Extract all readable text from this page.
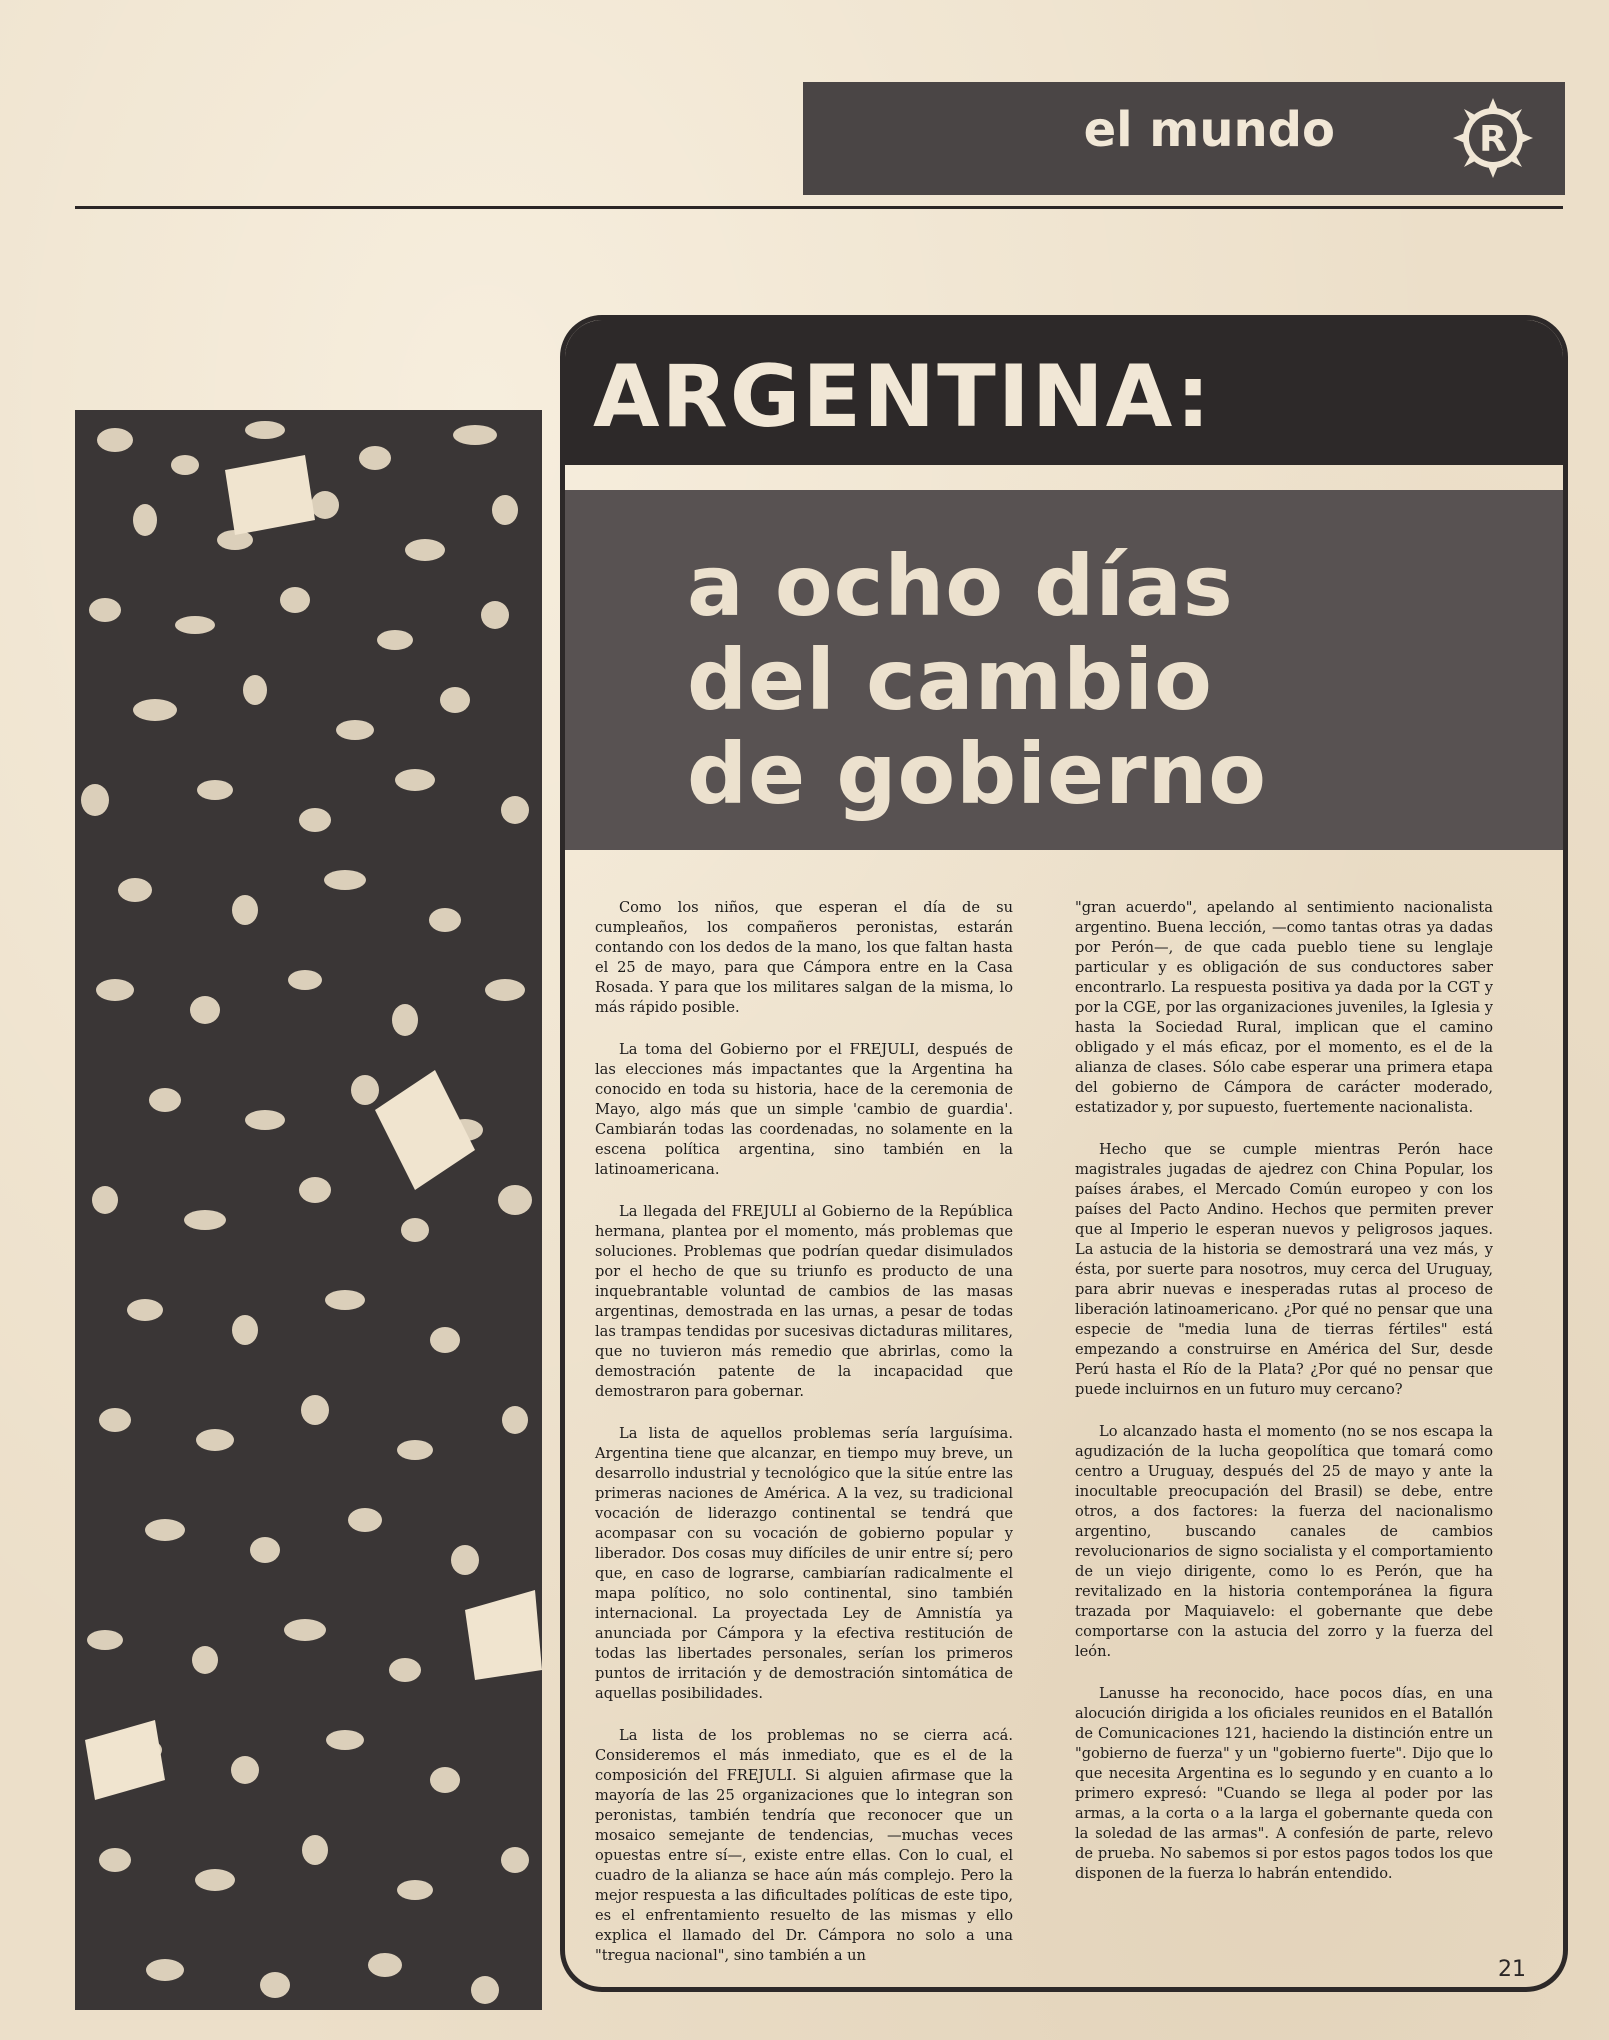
el mundo	R
ARGENTINA:
a ocho días
del cambio
de gobierno

Como los niños, que esperan el día de su cumpleaños, los compañeros peronistas, estarán contando con los dedos de la mano, los que faltan hasta el 25 de mayo, para que Cámpora entre en la Casa Rosada. Y para que los militares salgan de la misma, lo más rápido posible.

La toma del Gobierno por el FREJULI, después de las elecciones más impactantes que la Argentina ha conocido en toda su historia, hace de la ceremonia de Mayo, algo más que un simple 'cambio de guardia'. Cambiarán todas las coordenadas, no solamente en la escena política argentina, sino también en la latinoamericana.

La llegada del FREJULI al Gobierno de la República hermana, plantea por el momento, más problemas que soluciones. Problemas que podrían quedar disimulados por el hecho de que su triunfo es producto de una inquebrantable voluntad de cambios de las masas argentinas, demostrada en las urnas, a pesar de todas las trampas tendidas por sucesivas dictaduras militares, que no tuvieron más remedio que abrirlas, como la demostración patente de la incapacidad que demostraron para gobernar.

La lista de aquellos problemas sería larguísima. Argentina tiene que alcanzar, en tiempo muy breve, un desarrollo industrial y tecnológico que la sitúe entre las primeras naciones de América. A la vez, su tradicional vocación de liderazgo continental se tendrá que acompasar con su vocación de gobierno popular y liberador. Dos cosas muy difíciles de unir entre sí; pero que, en caso de lograrse, cambiarían radicalmente el mapa político, no solo continental, sino también internacional. La proyectada Ley de Amnistía ya anunciada por Cámpora y la efectiva restitución de todas las libertades personales, serían los primeros puntos de irritación y de demostración sintomática de aquellas posibilidades.

La lista de los problemas no se cierra acá. Consideremos el más inmediato, que es el de la composición del FREJULI. Si alguien afirmase que la mayoría de las 25 organizaciones que lo integran son peronistas, también tendría que reconocer que un mosaico semejante de tendencias, —muchas veces opuestas entre sí—, existe entre ellas. Con lo cual, el cuadro de la alianza se hace aún más complejo. Pero la mejor respuesta a las dificultades políticas de este tipo, es el enfrentamiento resuelto de las mismas y ello explica el llamado del Dr. Cámpora no solo a una "tregua nacional", sino también a un

"gran acuerdo", apelando al sentimiento nacionalista argentino. Buena lección, —como tantas otras ya dadas por Perón—, de que cada pueblo tiene su lenglaje particular y es obligación de sus conductores saber encontrarlo. La respuesta positiva ya dada por la CGT y por la CGE, por las organizaciones juveniles, la Iglesia y hasta la Sociedad Rural, implican que el camino obligado y el más eficaz, por el momento, es el de la alianza de clases. Sólo cabe esperar una primera etapa del gobierno de Cámpora de carácter moderado, estatizador y, por supuesto, fuertemente nacionalista.

Hecho que se cumple mientras Perón hace magistrales jugadas de ajedrez con China Popular, los países árabes, el Mercado Común europeo y con los países del Pacto Andino. Hechos que permiten prever que al Imperio le esperan nuevos y peligrosos jaques. La astucia de la historia se demostrará una vez más, y ésta, por suerte para nosotros, muy cerca del Uruguay, para abrir nuevas e inesperadas rutas al proceso de liberación latinoamericano. ¿Por qué no pensar que una especie de "media luna de tierras fértiles" está empezando a construirse en América del Sur, desde Perú hasta el Río de la Plata? ¿Por qué no pensar que puede incluirnos en un futuro muy cercano?

Lo alcanzado hasta el momento (no se nos escapa la agudización de la lucha geopolítica que tomará como centro a Uruguay, después del 25 de mayo y ante la inocultable preocupación del Brasil) se debe, entre otros, a dos factores: la fuerza del nacionalismo argentino, buscando canales de cambios revolucionarios de signo socialista y el comportamiento de un viejo dirigente, como lo es Perón, que ha revitalizado en la historia contemporánea la figura trazada por Maquiavelo: el gobernante que debe comportarse con la astucia del zorro y la fuerza del león.

Lanusse ha reconocido, hace pocos días, en una alocución dirigida a los oficiales reunidos en el Batallón de Comunicaciones 121, haciendo la distinción entre un "gobierno de fuerza" y un "gobierno fuerte". Dijo que lo que necesita Argentina es lo segundo y en cuanto a lo primero expresó: "Cuando se llega al poder por las armas, a la corta o a la larga el gobernante queda con la soledad de las armas". A confesión de parte, relevo de prueba. No sabemos si por estos pagos todos los que disponen de la fuerza lo habrán entendido.

21
